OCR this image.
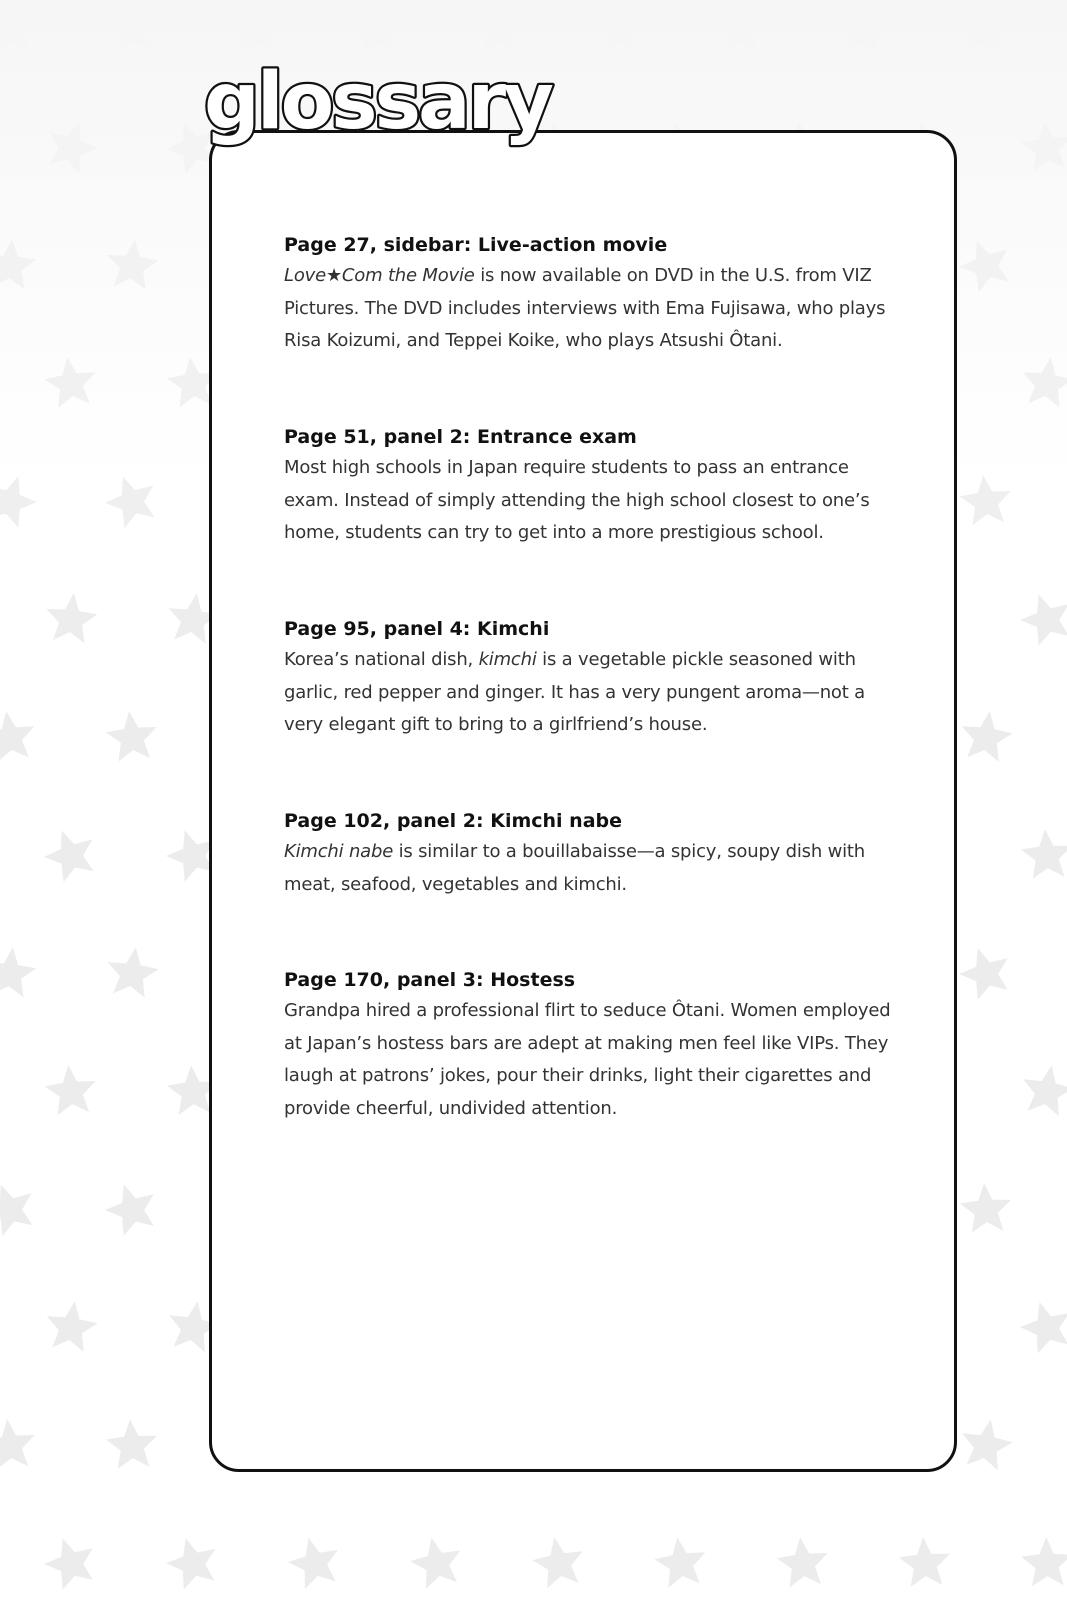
glossary

Page 27, sidebar: Live-action movie

Love★Com the Movie is now available on DVD in the U.S. from VIZ Pictures. The DVD includes interviews with Ema Fujisawa, who plays Risa Koizumi, and Teppei Koike, who plays Atsushi Ôtani.

Page 51, panel 2: Entrance exam

Most high schools in Japan require students to pass an entrance exam. Instead of simply attending the high school closest to one’s home, students can try to get into a more prestigious school.

Page 95, panel 4: Kimchi

Korea’s national dish, kimchi is a vegetable pickle seasoned with garlic, red pepper and ginger. It has a very pungent aroma—not a very elegant gift to bring to a girlfriend’s house.

Page 102, panel 2: Kimchi nabe

Kimchi nabe is similar to a bouillabaisse—a spicy, soupy dish with meat, seafood, vegetables and kimchi.

Page 170, panel 3: Hostess

Grandpa hired a professional flirt to seduce Ôtani. Women employed at Japan’s hostess bars are adept at making men feel like VIPs. They laugh at patrons’ jokes, pour their drinks, light their cigarettes and provide cheerful, undivided attention.
